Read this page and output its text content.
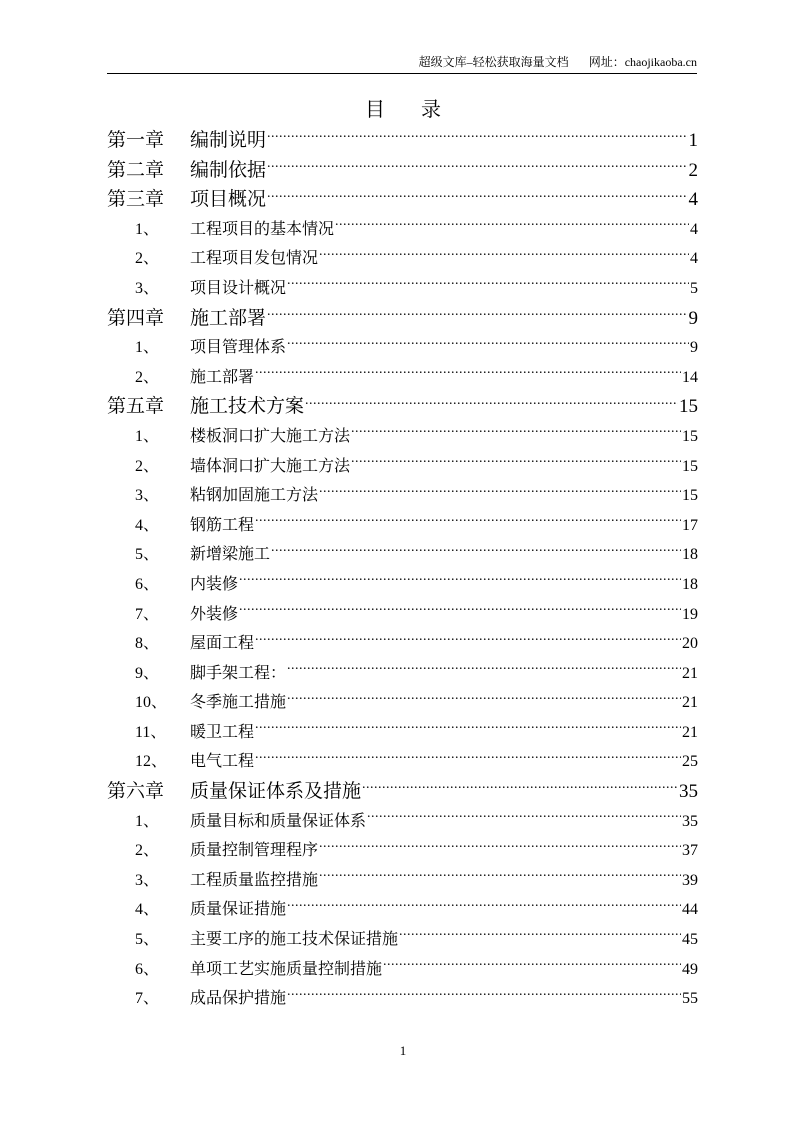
超级文库–轻松获取海量文档 网址：chaojikaoba.cn
目 录
第一章	编制说明 .....	1
第二章	编制依据 .....	2
第三章	项目概况 .....	4
1、	工程项目的基本情况 .....	4
2、	工程项目发包情况 .....	4
3、	项目设计概况 .....	5
第四章	施工部署 .....	9
1、	项目管理体系 .....	9
2、	施工部署 .....	14
第五章	施工技术方案 .....	15
1、	楼板洞口扩大施工方法 .....	15
2、	墙体洞口扩大施工方法 .....	15
3、	粘钢加固施工方法 .....	15
4、	钢筋工程 .....	17
5、	新增梁施工 .....	18
6、	内装修 .....	18
7、	外装修 .....	19
8、	屋面工程 .....	20
9、	脚手架工程： .....	21
10、	冬季施工措施 .....	21
11、	暖卫工程 .....	21
12、	电气工程 .....	25
第六章	质量保证体系及措施 .....	35
1、	质量目标和质量保证体系 .....	35
2、	质量控制管理程序 .....	37
3、	工程质量监控措施 .....	39
4、	质量保证措施 .....	44
5、	主要工序的施工技术保证措施 .....	45
6、	单项工艺实施质量控制措施 .....	49
7、	成品保护措施 .....	55
1
